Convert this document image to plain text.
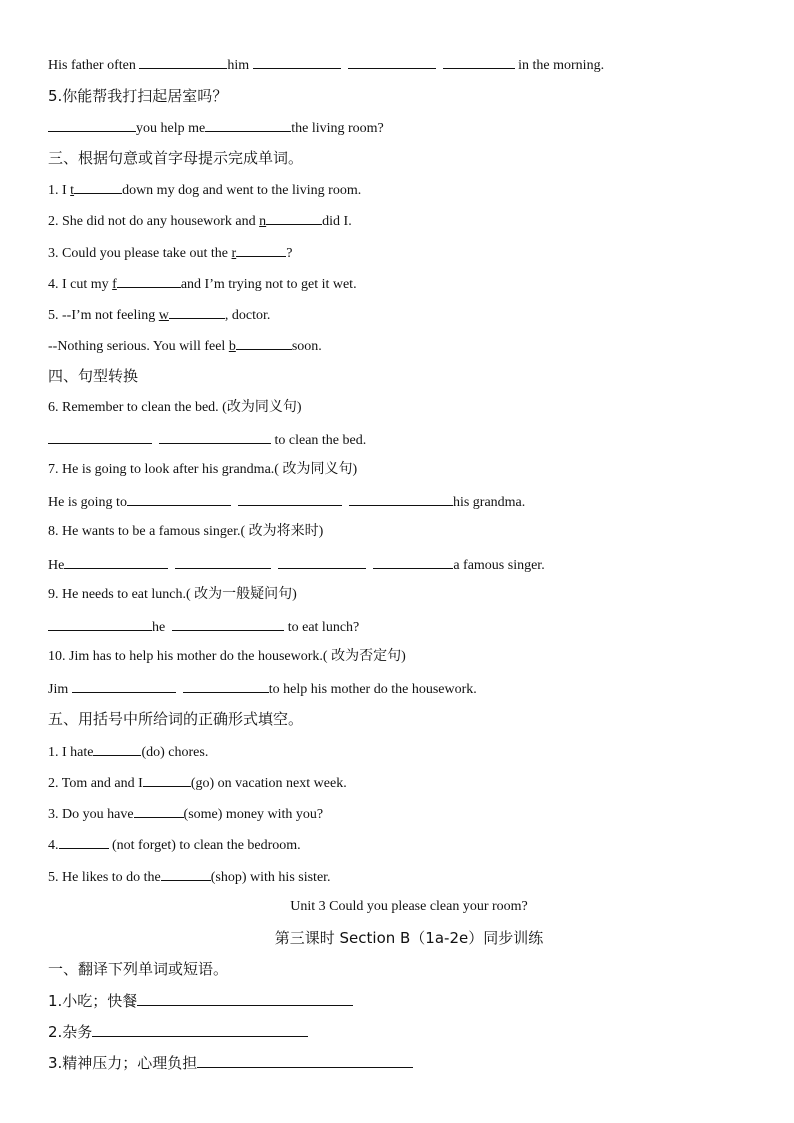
His father often	him	in the morning.
5.你能帮我打扫起居室吗？
you help me	the living room?
三、根据句意或首字母提示完成单词。
1. I t	down my dog and went to the living room.
2. She did not do any housework and n	did I.
3. Could you please take out the r	?
4. I cut my f	and I’m trying not to get it wet.
5. --I’m not feeling w	, doctor.
--Nothing serious. You will feel b	soon.
四、句型转换
6. Remember to clean the bed. (改为同义句)
to clean the bed.
7. He is going to look after his grandma.( 改为同义句)
He is going to	his grandma.
8. He wants to be a famous singer.( 改为将来时)
He	a famous singer.
9. He needs to eat lunch.( 改为一般疑问句)
he	to eat lunch?
10. Jim has to help his mother do the housework.( 改为否定句)
Jim	to help his mother do the housework.
五、用括号中所给词的正确形式填空。
1. I hate	(do) chores.
2. Tom and and I	(go) on vacation next week.
3. Do you have	(some) money with you?
4.	(not forget) to clean the bedroom.
5. He likes to do the	(shop) with his sister.
Unit 3 Could you please clean your room?
第三课时 Section B（1a-2e）同步训练
一、翻译下列单词或短语。
1.小吃；快餐
2.杂务
3.精神压力；心理负担
